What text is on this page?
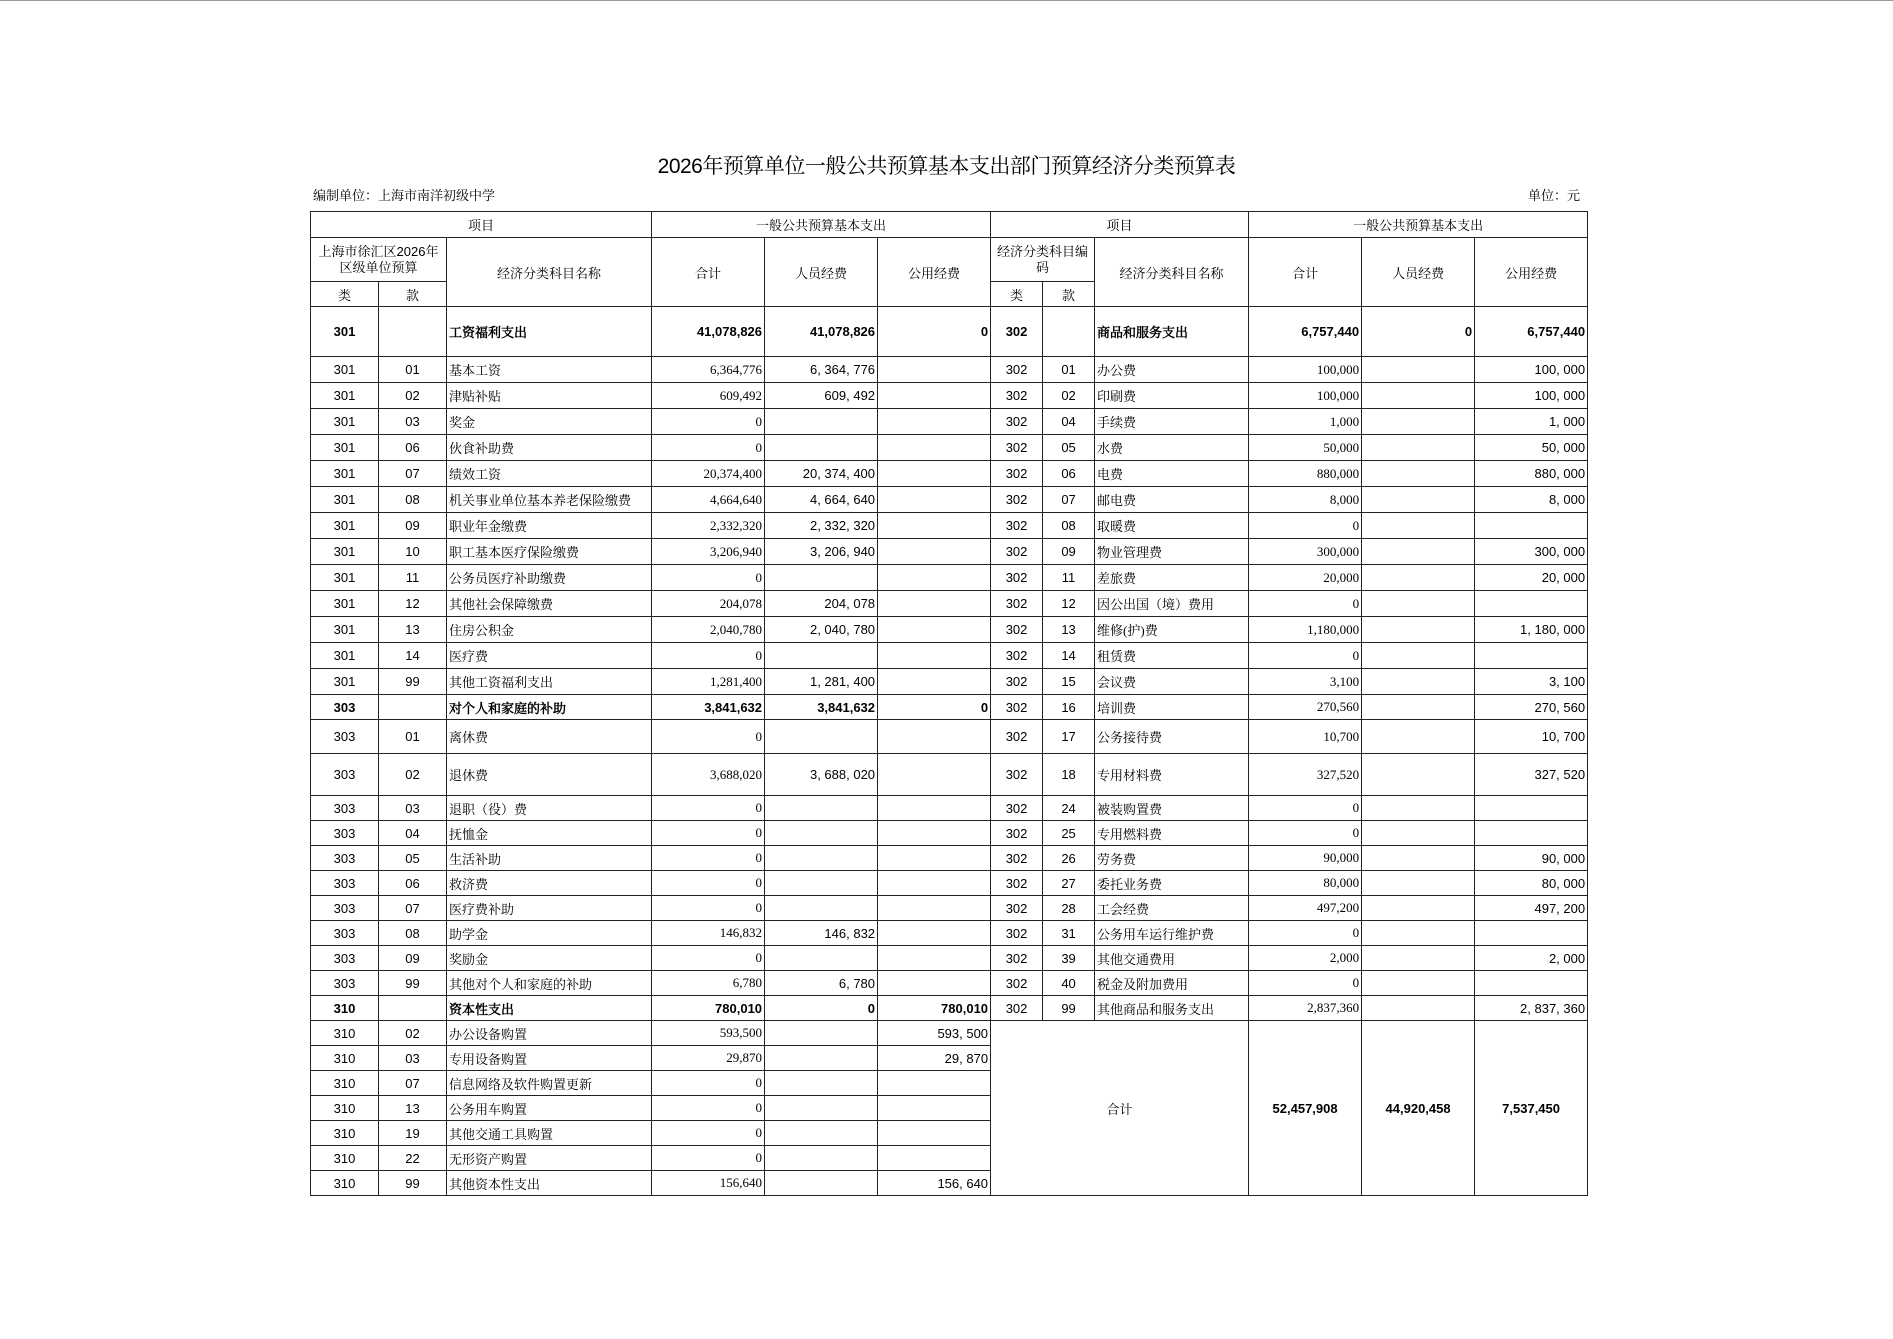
2026年预算单位一般公共预算基本支出部门预算经济分类预算表
编制单位：上海市南洋初级中学	单位：元
项目			一般公共预算基本支出			项目			一般公共预算基本支出		
上海市徐汇区2026年区级单位预算		经济分类科目名称	合计	人员经费	公用经费	经济分类科目编码		经济分类科目名称	合计	人员经费	公用经费
类	款					类	款				
301		工资福利支出	41,078,826	41,078,826	0	302		商品和服务支出	6,757,440	0	6,757,440
301	01	基本工资	6,364,776	6, 364, 776		302	01	办公费	100,000		100, 000
301	02	津贴补贴	609,492	609, 492		302	02	印刷费	100,000		100, 000
301	03	奖金	0			302	04	手续费	1,000		1, 000
301	06	伙食补助费	0			302	05	水费	50,000		50, 000
301	07	绩效工资	20,374,400	20, 374, 400		302	06	电费	880,000		880, 000
301	08	机关事业单位基本养老保险缴费	4,664,640	4, 664, 640		302	07	邮电费	8,000		8, 000
301	09	职业年金缴费	2,332,320	2, 332, 320		302	08	取暖费	0		
301	10	职工基本医疗保险缴费	3,206,940	3, 206, 940		302	09	物业管理费	300,000		300, 000
301	11	公务员医疗补助缴费	0			302	11	差旅费	20,000		20, 000
301	12	其他社会保障缴费	204,078	204, 078		302	12	因公出国（境）费用	0		
301	13	住房公积金	2,040,780	2, 040, 780		302	13	维修(护)费	1,180,000		1, 180, 000
301	14	医疗费	0			302	14	租赁费	0		
301	99	其他工资福利支出	1,281,400	1, 281, 400		302	15	会议费	3,100		3, 100
303		对个人和家庭的补助	3,841,632	3,841,632	0	302	16	培训费	270,560		270, 560
303	01	离休费	0			302	17	公务接待费	10,700		10, 700
303	02	退休费	3,688,020	3, 688, 020		302	18	专用材料费	327,520		327, 520
303	03	退职（役）费	0			302	24	被装购置费	0		
303	04	抚恤金	0			302	25	专用燃料费	0		
303	05	生活补助	0			302	26	劳务费	90,000		90, 000
303	06	救济费	0			302	27	委托业务费	80,000		80, 000
303	07	医疗费补助	0			302	28	工会经费	497,200		497, 200
303	08	助学金	146,832	146, 832		302	31	公务用车运行维护费	0		
303	09	奖励金	0			302	39	其他交通费用	2,000		2, 000
303	99	其他对个人和家庭的补助	6,780	6, 780		302	40	税金及附加费用	0		
310		资本性支出	780,010	0	780,010	302	99	其他商品和服务支出	2,837,360		2, 837, 360
310	02	办公设备购置	593,500		593, 500	合计			52,457,908	44,920,458	7,537,450
310	03	专用设备购置	29,870		29, 870						
310	07	信息网络及软件购置更新	0								
310	13	公务用车购置	0								
310	19	其他交通工具购置	0								
310	22	无形资产购置	0								
310	99	其他资本性支出	156,640		156, 640						
